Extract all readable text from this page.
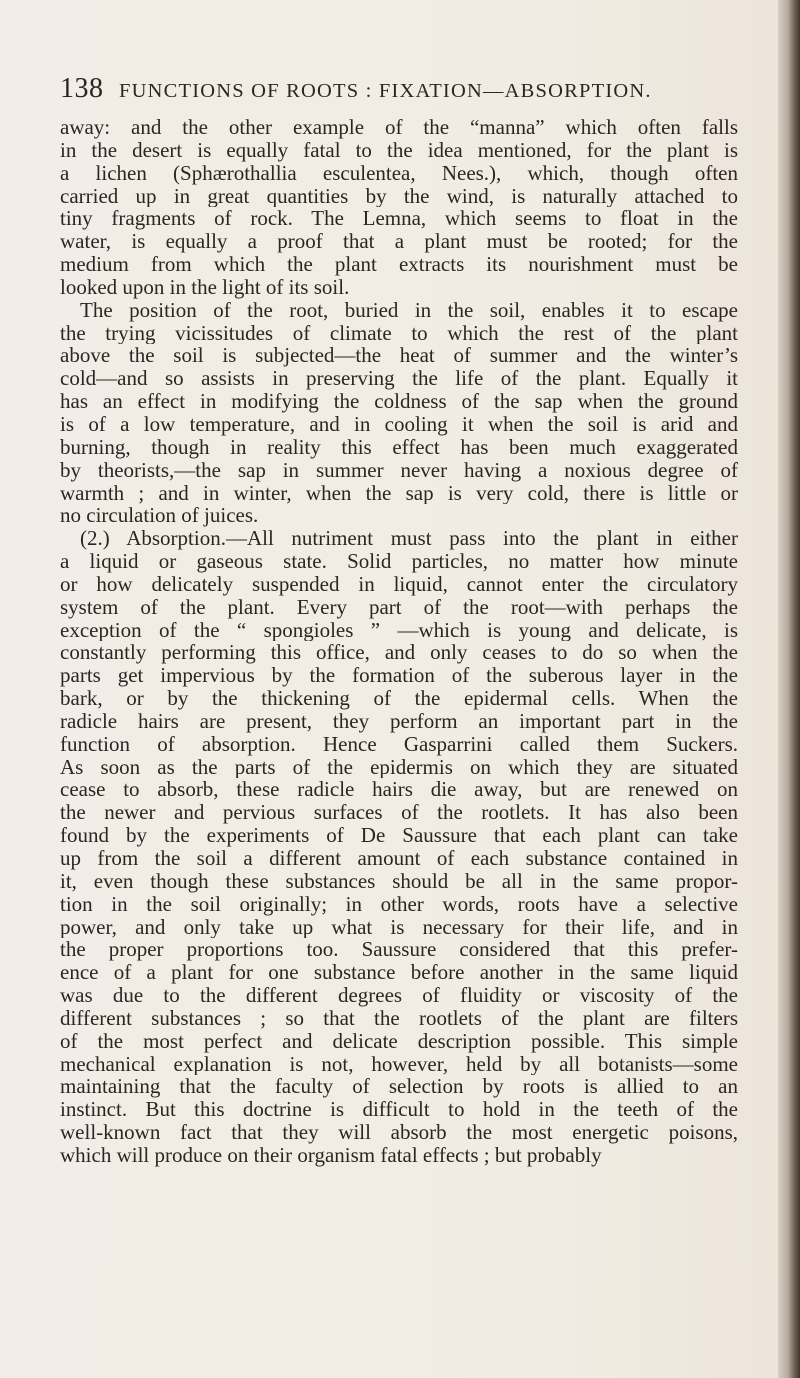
138 FUNCTIONS OF ROOTS : FIXATION—ABSORPTION.
away: and the other example of the “manna” which often falls
in the desert is equally fatal to the idea mentioned, for the plant is
a lichen (Sphærothallia esculentea, Nees.), which, though often
carried up in great quantities by the wind, is naturally attached to
tiny fragments of rock. The Lemna, which seems to float in the
water, is equally a proof that a plant must be rooted; for the
medium from which the plant extracts its nourishment must be
looked upon in the light of its soil.
The position of the root, buried in the soil, enables it to escape
the trying vicissitudes of climate to which the rest of the plant
above the soil is subjected—the heat of summer and the winter’s
cold—and so assists in preserving the life of the plant. Equally it
has an effect in modifying the coldness of the sap when the ground
is of a low temperature, and in cooling it when the soil is arid and
burning, though in reality this effect has been much exaggerated
by theorists,—the sap in summer never having a noxious degree of
warmth ; and in winter, when the sap is very cold, there is little or
no circulation of juices.
(2.) Absorption.—All nutriment must pass into the plant in either
a liquid or gaseous state. Solid particles, no matter how minute
or how delicately suspended in liquid, cannot enter the circulatory
system of the plant. Every part of the root—with perhaps the
exception of the “ spongioles ” —which is young and delicate, is
constantly performing this office, and only ceases to do so when the
parts get impervious by the formation of the suberous layer in the
bark, or by the thickening of the epidermal cells. When the
radicle hairs are present, they perform an important part in the
function of absorption. Hence Gasparrini called them Suckers.
As soon as the parts of the epidermis on which they are situated
cease to absorb, these radicle hairs die away, but are renewed on
the newer and pervious surfaces of the rootlets. It has also been
found by the experiments of De Saussure that each plant can take
up from the soil a different amount of each substance contained in
it, even though these substances should be all in the same propor-
tion in the soil originally; in other words, roots have a selective
power, and only take up what is necessary for their life, and in
the proper proportions too. Saussure considered that this prefer-
ence of a plant for one substance before another in the same liquid
was due to the different degrees of fluidity or viscosity of the
different substances ; so that the rootlets of the plant are filters
of the most perfect and delicate description possible. This simple
mechanical explanation is not, however, held by all botanists—some
maintaining that the faculty of selection by roots is allied to an
instinct. But this doctrine is difficult to hold in the teeth of the
well-known fact that they will absorb the most energetic poisons,
which will produce on their organism fatal effects ; but probably
